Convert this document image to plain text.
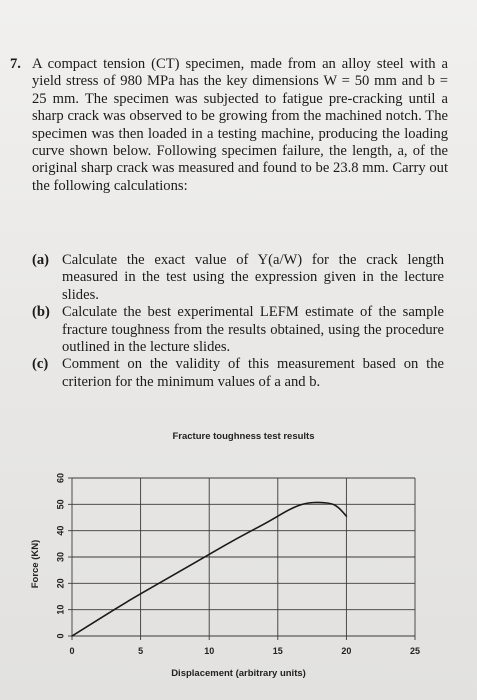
7. A compact tension (CT) specimen, made from an alloy steel with a yield stress of 980 MPa has the key dimensions W = 50 mm and b = 25 mm. The specimen was subjected to fatigue pre-cracking until a sharp crack was observed to be growing from the machined notch. The specimen was then loaded in a testing machine, producing the loading curve shown below. Following specimen failure, the length, a, of the original sharp crack was measured and found to be 23.8 mm. Carry out the following calculations:
(a) Calculate the exact value of Y(a/W) for the crack length measured in the test using the expression given in the lecture slides.
(b) Calculate the best experimental LEFM estimate of the sample fracture toughness from the results obtained, using the procedure outlined in the lecture slides.
(c) Comment on the validity of this measurement based on the criterion for the minimum values of a and b.
Fracture toughness test results
0
10
20
30
40
50
60
0	5	10	15	20	25
Force (KN)
Displacement (arbitrary units)
